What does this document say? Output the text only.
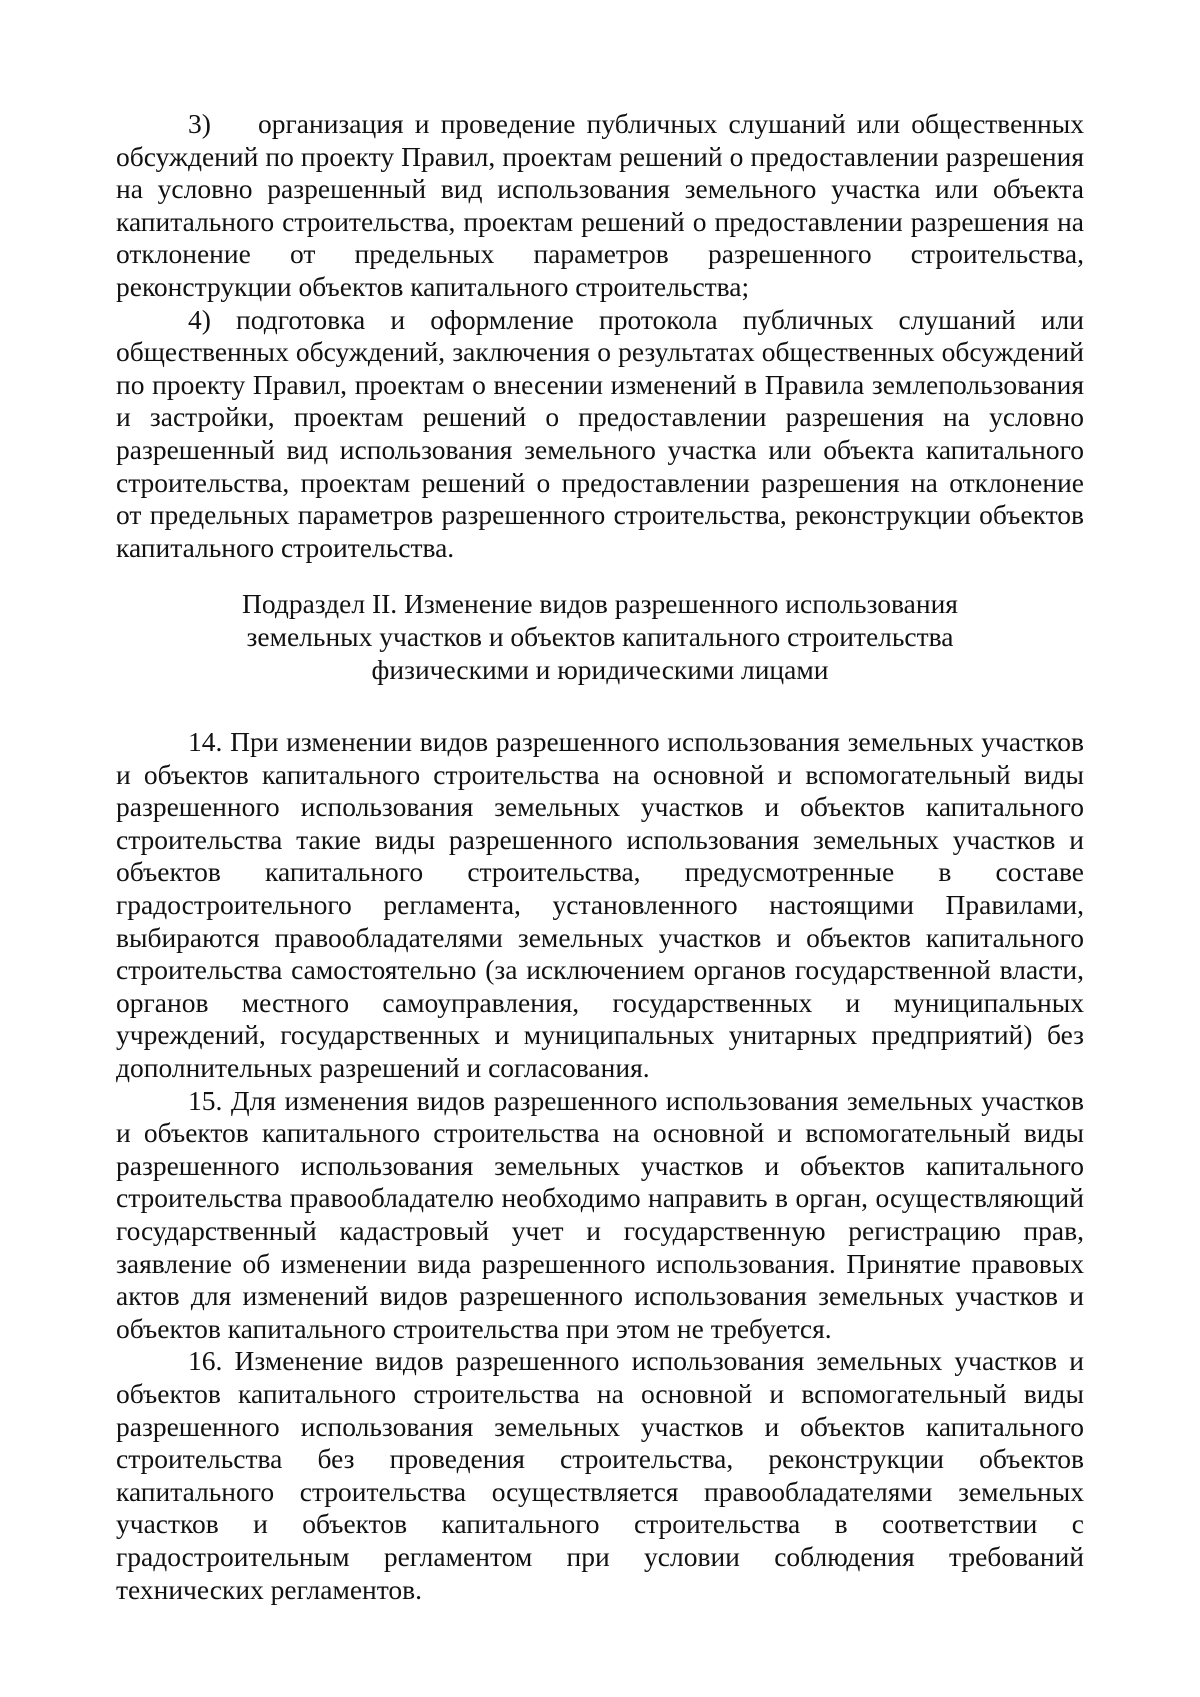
3) организация и проведение публичных слушаний или общественных обсуждений по проекту Правил, проектам решений о предоставлении разрешения на условно разрешенный вид использования земельного участка или объекта капитального строительства, проектам решений о предоставлении разрешения на отклонение от предельных параметров разрешенного строительства, реконструкции объектов капитального строительства;

4) подготовка и оформление протокола публичных слушаний или общественных обсуждений, заключения о результатах общественных обсуждений по проекту Правил, проектам о внесении изменений в Правила землепользования и застройки, проектам решений о предоставлении разрешения на условно разрешенный вид использования земельного участка или объекта капитального строительства, проектам решений о предоставлении разрешения на отклонение от предельных параметров разрешенного строительства, реконструкции объектов капитального строительства.

Подраздел II. Изменение видов разрешенного использования земельных участков и объектов капитального строительства физическими и юридическими лицами

14. При изменении видов разрешенного использования земельных участков и объектов капитального строительства на основной и вспомогательный виды разрешенного использования земельных участков и объектов капитального строительства такие виды разрешенного использования земельных участков и объектов капитального строительства, предусмотренные в составе градостроительного регламента, установленного настоящими Правилами, выбираются правообладателями земельных участков и объектов капитального строительства самостоятельно (за исключением органов государственной власти, органов местного самоуправления, государственных и муниципальных учреждений, государственных и муниципальных унитарных предприятий) без дополнительных разрешений и согласования.

15. Для изменения видов разрешенного использования земельных участков и объектов капитального строительства на основной и вспомогательный виды разрешенного использования земельных участков и объектов капитального строительства правообладателю необходимо направить в орган, осуществляющий государственный кадастровый учет и государственную регистрацию прав, заявление об изменении вида разрешенного использования. Принятие правовых актов для изменений видов разрешенного использования земельных участков и объектов капитального строительства при этом не требуется.

16. Изменение видов разрешенного использования земельных участков и объектов капитального строительства на основной и вспомогательный виды разрешенного использования земельных участков и объектов капитального строительства без проведения строительства, реконструкции объектов капитального строительства осуществляется правообладателями земельных участков и объектов капитального строительства в соответствии с градостроительным регламентом при условии соблюдения требований технических регламентов.
